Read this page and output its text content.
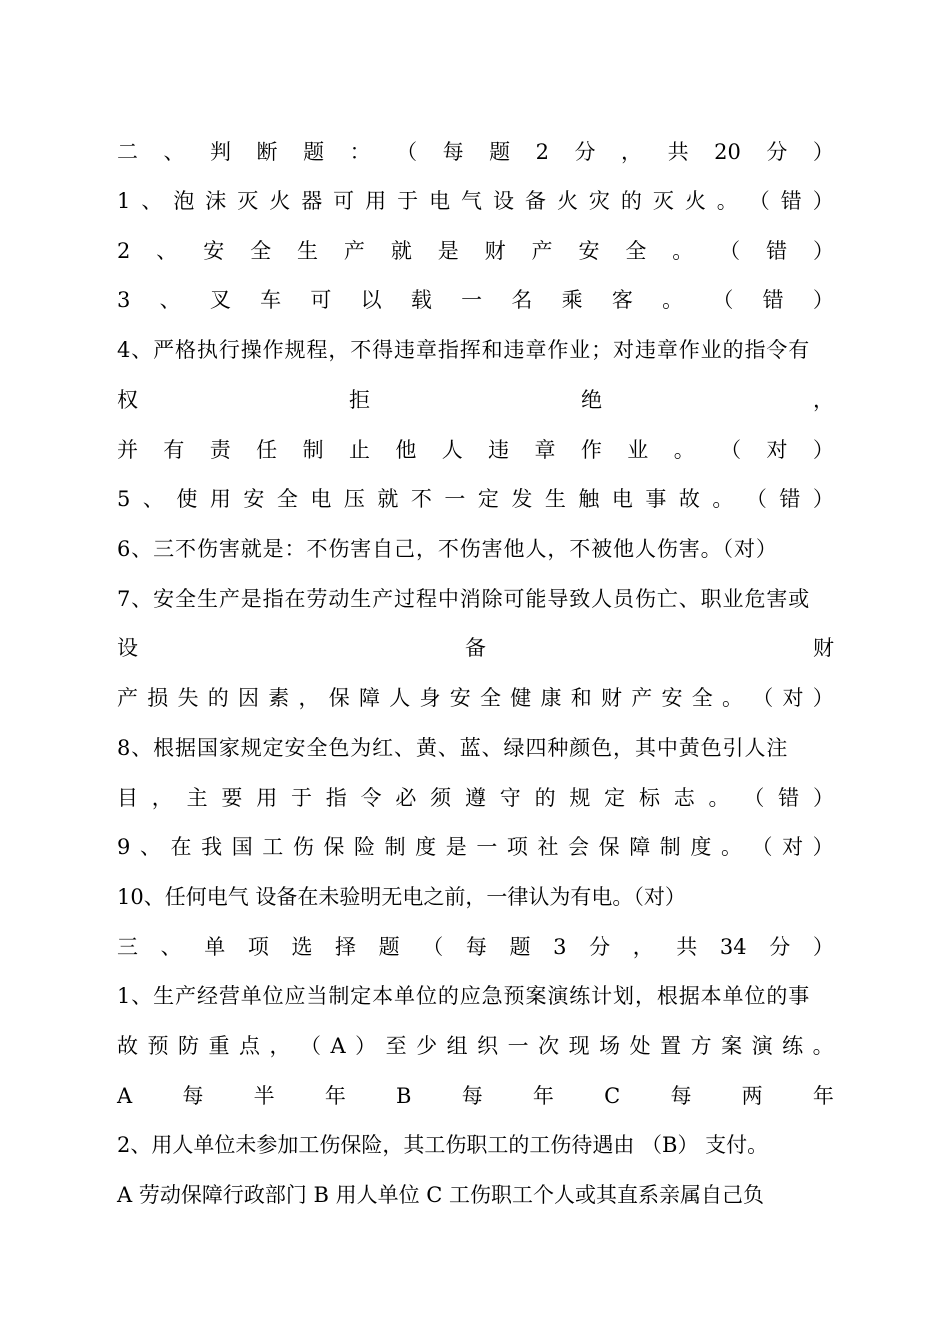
二 、 判 断 题 ： （ 每 题 2 分 ， 共 20 分 ）
1 、 泡 沫 灭 火 器 可 用 于 电 气 设 备 火 灾 的 灭 火 。 （ 错 ）
2 、 安 全 生 产 就 是 财 产 安 全 。 （ 错 ）
3 、 叉 车 可 以 载 一 名 乘 客 。 （ 错 ）
4、严格执行操作规程，不得违章指挥和违章作业；对违章作业的指令有
权	拒	绝	，
并 有 责 任 制 止 他 人 违 章 作 业 。 （ 对 ）
5 、 使 用 安 全 电 压 就 不 一 定 发 生 触 电 事 故 。 （ 错 ）
6、三不伤害就是：不伤害自己，不伤害他人，不被他人伤害。（对）
7、安全生产是指在劳动生产过程中消除可能导致人员伤亡、职业危害或
设	备	财
产 损 失 的 因 素 ， 保 障 人 身 安 全 健 康 和 财 产 安 全 。 （ 对 ）
8、根据国家规定安全色为红、黄、蓝、绿四种颜色，其中黄色引人注
目 ， 主 要 用 于 指 令 必 须 遵 守 的 规 定 标 志 。 （ 错 ）
9 、 在 我 国 工 伤 保 险 制 度 是 一 项 社 会 保 障 制 度 。 （ 对 ）
10、任何电气 设备在未验明无电之前，一律认为有电。（对）
三 、 单 项 选 择 题 （ 每 题 3 分 ， 共 34 分 ）
1、生产经营单位应当制定本单位的应急预案演练计划，根据本单位的事
故 预 防 重 点 ， （ A ） 至 少 组 织 一 次 现 场 处 置 方 案 演 练 。
A 每 半 年 B 每 年 C 每 两 年
2、用人单位未参加工伤保险，其工伤职工的工伤待遇由 （B） 支付。
A 劳动保障行政部门 B 用人单位 C 工伤职工个人或其直系亲属自己负
